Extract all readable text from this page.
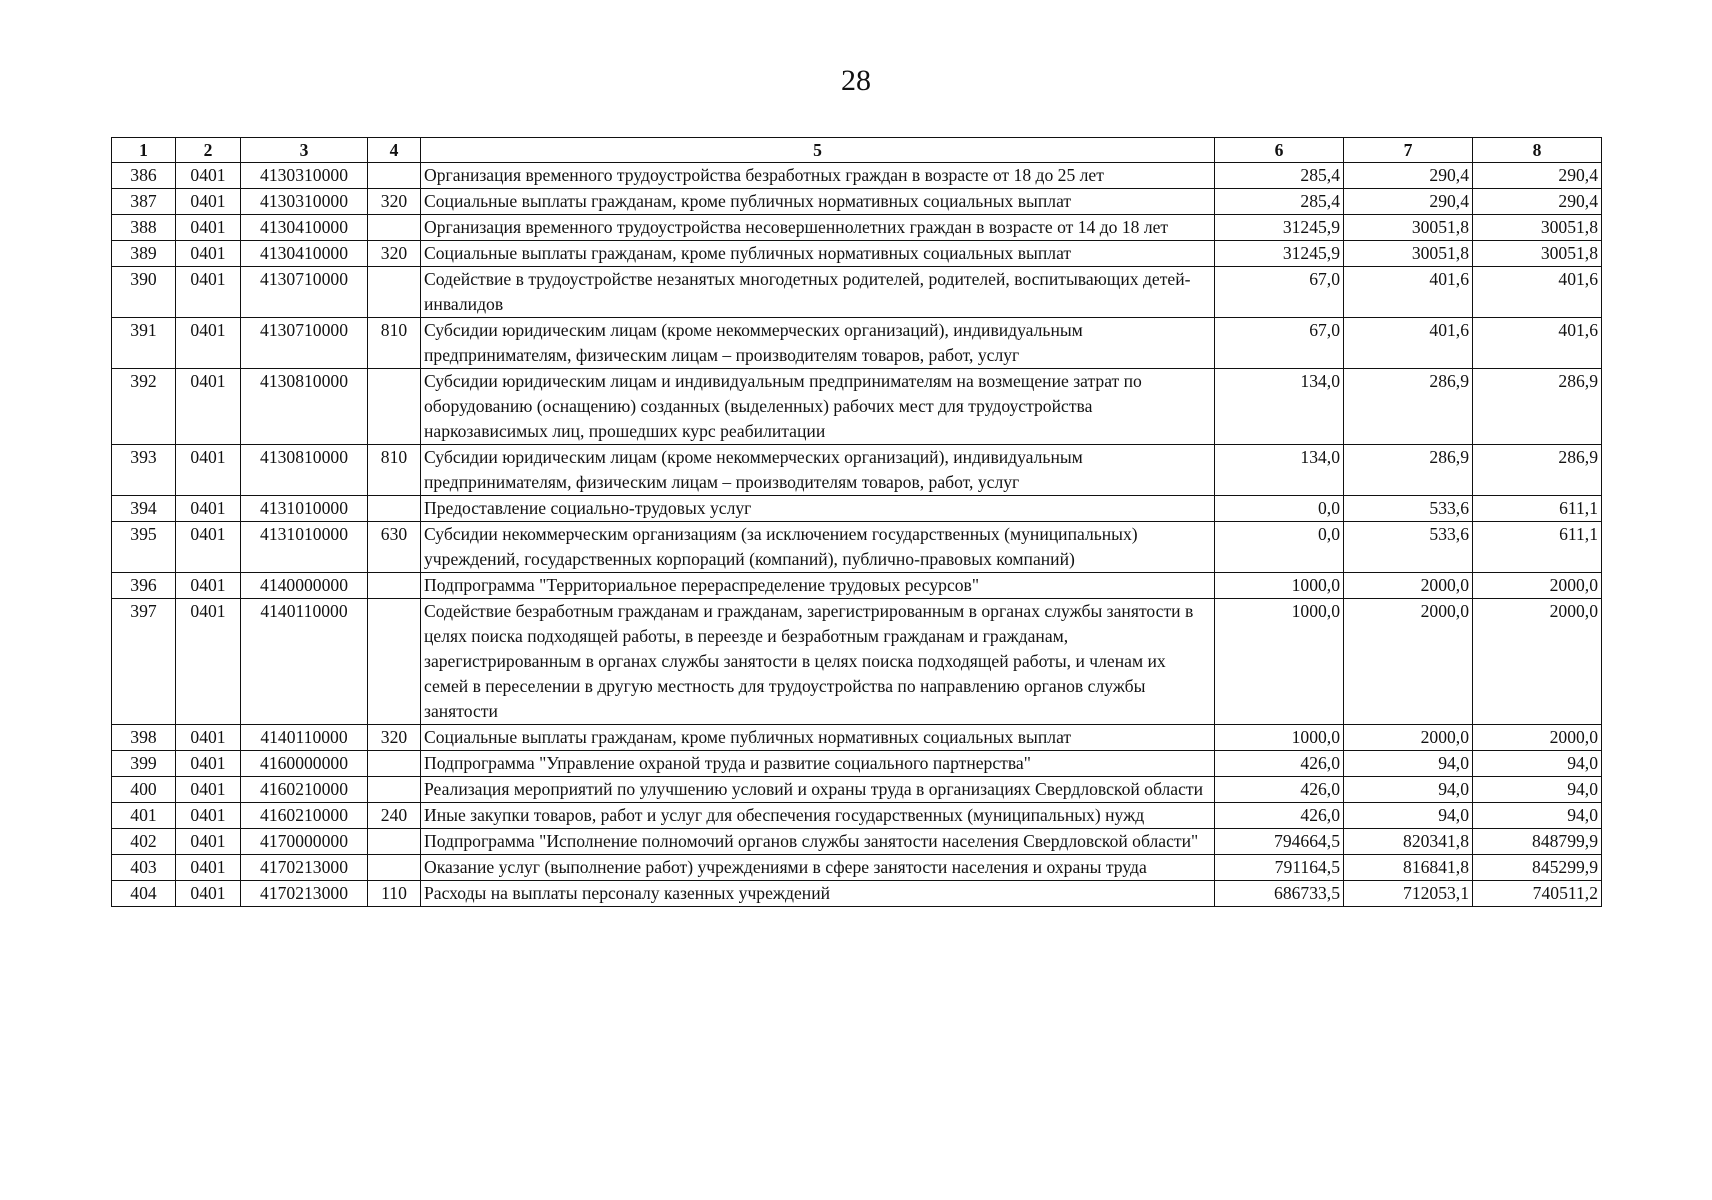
28
1	2	3	4	5	6	7	8
386	0401	4130310000		Организация временного трудоустройства безработных граждан в возрасте от 18 до 25 лет	285,4	290,4	290,4
387	0401	4130310000	320	Социальные выплаты гражданам, кроме публичных нормативных социальных выплат	285,4	290,4	290,4
388	0401	4130410000		Организация временного трудоустройства несовершеннолетних граждан в возрасте от 14 до 18 лет	31245,9	30051,8	30051,8
389	0401	4130410000	320	Социальные выплаты гражданам, кроме публичных нормативных социальных выплат	31245,9	30051,8	30051,8
390	0401	4130710000		Содействие в трудоустройстве незанятых многодетных родителей, родителей, воспитывающих детей-инвалидов	67,0	401,6	401,6
391	0401	4130710000	810	Субсидии юридическим лицам (кроме некоммерческих организаций), индивидуальным предпринимателям, физическим лицам – производителям товаров, работ, услуг	67,0	401,6	401,6
392	0401	4130810000		Субсидии юридическим лицам и индивидуальным предпринимателям на возмещение затрат по оборудованию (оснащению) созданных (выделенных) рабочих мест для трудоустройства наркозависимых лиц, прошедших курс реабилитации	134,0	286,9	286,9
393	0401	4130810000	810	Субсидии юридическим лицам (кроме некоммерческих организаций), индивидуальным предпринимателям, физическим лицам – производителям товаров, работ, услуг	134,0	286,9	286,9
394	0401	4131010000		Предоставление социально-трудовых услуг	0,0	533,6	611,1
395	0401	4131010000	630	Субсидии некоммерческим организациям (за исключением государственных (муниципальных) учреждений, государственных корпораций (компаний), публично-правовых компаний)	0,0	533,6	611,1
396	0401	4140000000		Подпрограмма "Территориальное перераспределение трудовых ресурсов"	1000,0	2000,0	2000,0
397	0401	4140110000		Содействие безработным гражданам и гражданам, зарегистрированным в органах службы занятости в целях поиска подходящей работы, в переезде и безработным гражданам и гражданам, зарегистрированным в органах службы занятости в целях поиска подходящей работы, и членам их семей в переселении в другую местность для трудоустройства по направлению органов службы занятости	1000,0	2000,0	2000,0
398	0401	4140110000	320	Социальные выплаты гражданам, кроме публичных нормативных социальных выплат	1000,0	2000,0	2000,0
399	0401	4160000000		Подпрограмма "Управление охраной труда и развитие социального партнерства"	426,0	94,0	94,0
400	0401	4160210000		Реализация мероприятий по улучшению условий и охраны труда в организациях Свердловской области	426,0	94,0	94,0
401	0401	4160210000	240	Иные закупки товаров, работ и услуг для обеспечения государственных (муниципальных) нужд	426,0	94,0	94,0
402	0401	4170000000		Подпрограмма "Исполнение полномочий органов службы занятости населения Свердловской области"	794664,5	820341,8	848799,9
403	0401	4170213000		Оказание услуг (выполнение работ) учреждениями в сфере занятости населения и охраны труда	791164,5	816841,8	845299,9
404	0401	4170213000	110	Расходы на выплаты персоналу казенных учреждений	686733,5	712053,1	740511,2
